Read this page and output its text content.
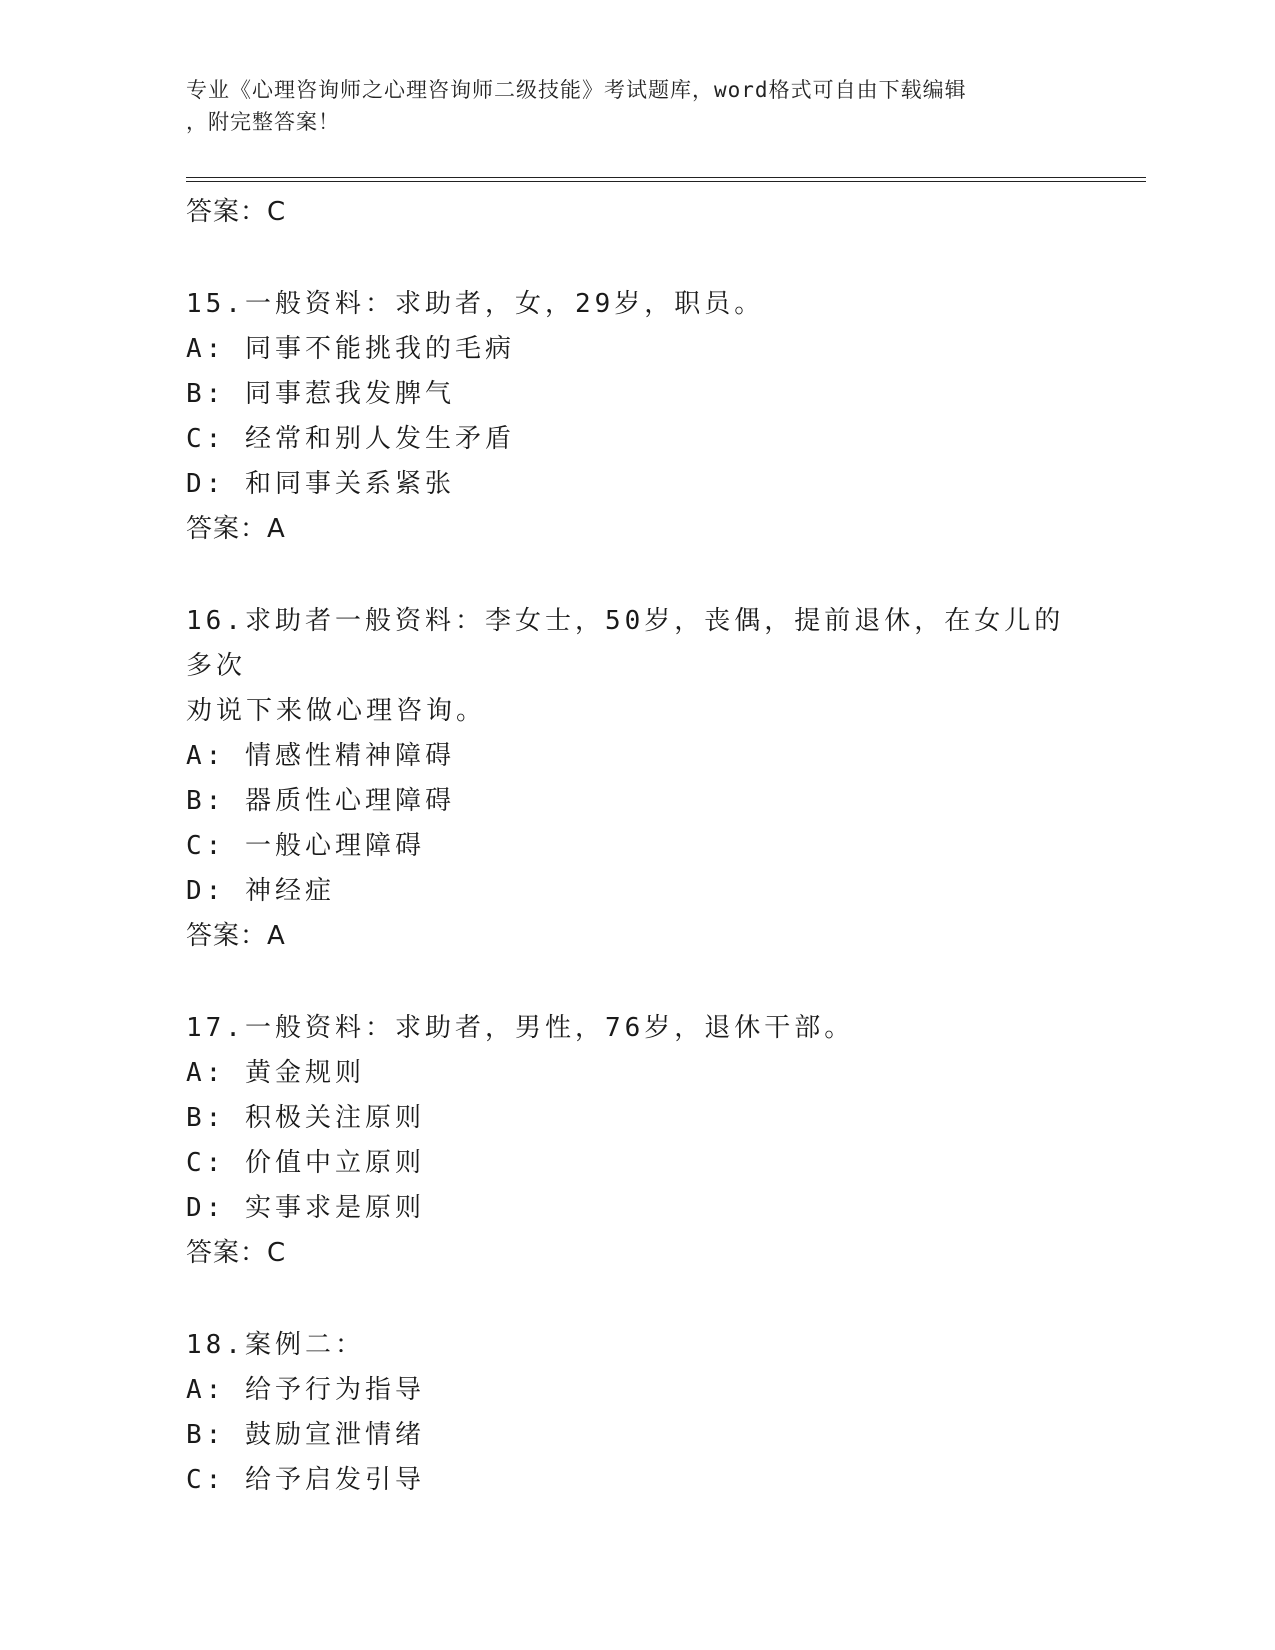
专业《心理咨询师之心理咨询师二级技能》考试题库，word格式可自由下载编辑
，附完整答案！
答案：C
15.一般资料：求助者，女，29岁，职员。
A: 同事不能挑我的毛病
B: 同事惹我发脾气
C: 经常和别人发生矛盾
D: 和同事关系紧张
答案：A
16.求助者一般资料：李女士，50岁，丧偶，提前退休，在女儿的多次
劝说下来做心理咨询。
A: 情感性精神障碍
B: 器质性心理障碍
C: 一般心理障碍
D: 神经症
答案：A
17.一般资料：求助者，男性，76岁，退休干部。
A: 黄金规则
B: 积极关注原则
C: 价值中立原则
D: 实事求是原则
答案：C
18.案例二：
A: 给予行为指导
B: 鼓励宣泄情绪
C: 给予启发引导
